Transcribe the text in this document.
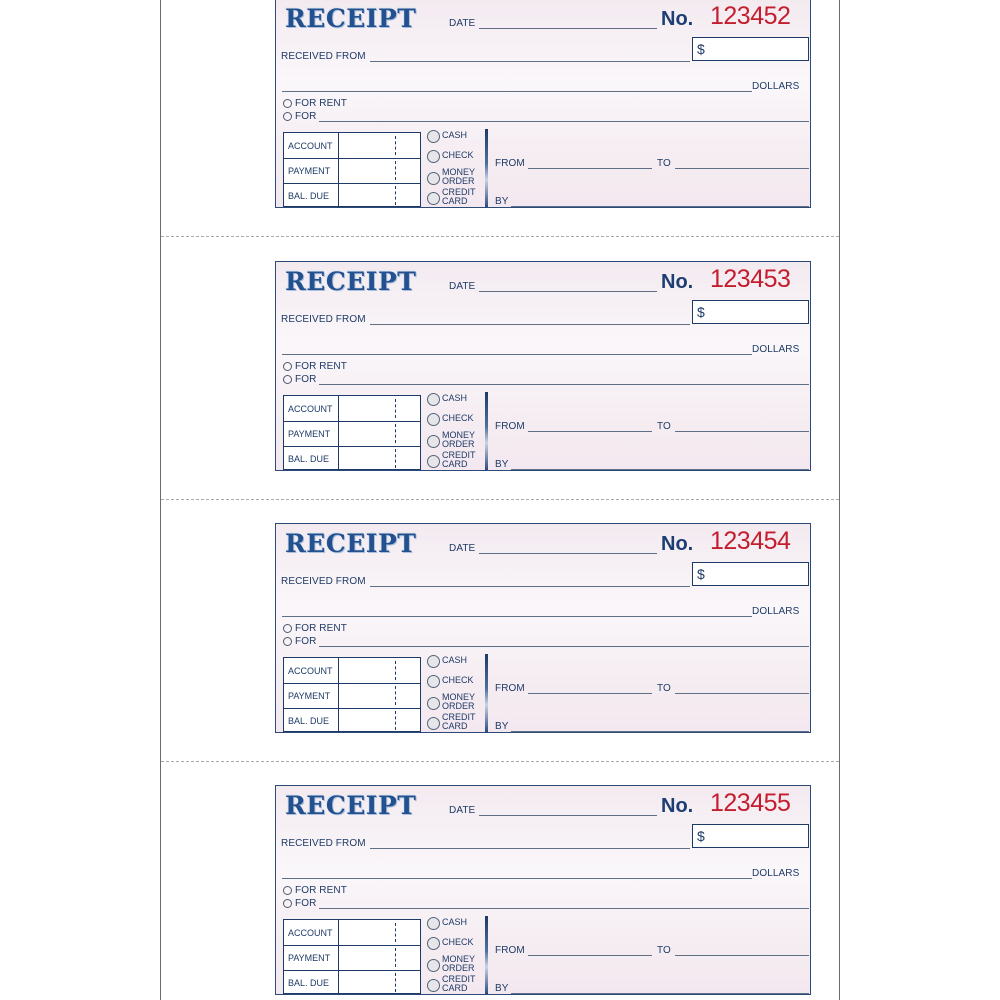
RECEIPT	DATE	No. 123452
$
RECEIVED FROM
DOLLARS
FOR RENT
FOR
ACCOUNT
PAYMENT
BAL. DUE
CASH
CHECK
MONEY ORDER
CREDIT CARD
FROM	TO
BY
RECEIPT	DATE	No. 123453
$
RECEIVED FROM
DOLLARS
FOR RENT
FOR
ACCOUNT
PAYMENT
BAL. DUE
CASH
CHECK
MONEY ORDER
CREDIT CARD
FROM	TO
BY
RECEIPT	DATE	No. 123454
$
RECEIVED FROM
DOLLARS
FOR RENT
FOR
ACCOUNT
PAYMENT
BAL. DUE
CASH
CHECK
MONEY ORDER
CREDIT CARD
FROM	TO
BY
RECEIPT	DATE	No. 123455
$
RECEIVED FROM
DOLLARS
FOR RENT
FOR
ACCOUNT
PAYMENT
BAL. DUE
CASH
CHECK
MONEY ORDER
CREDIT CARD
FROM	TO
BY
